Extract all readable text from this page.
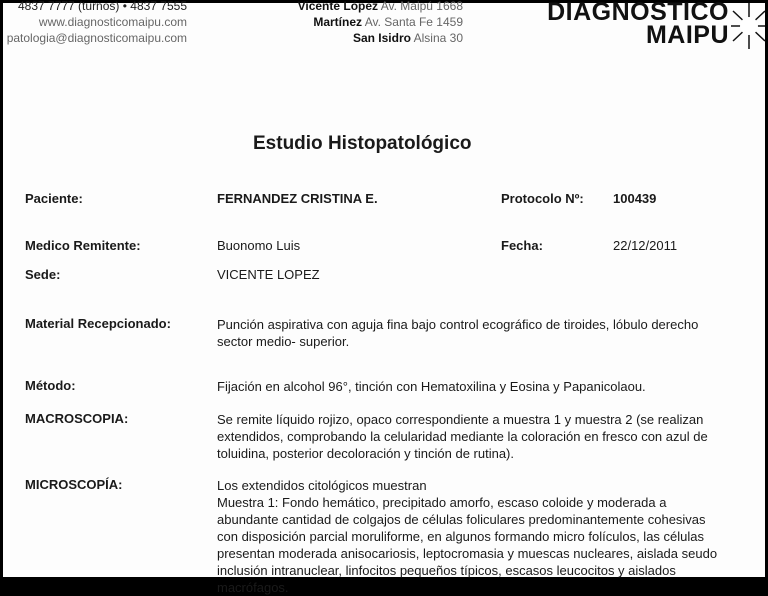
4837 7777 (turnos) • 4837 7555
www.diagnosticomaipu.com
patologia@diagnosticomaipu.com
Vicente López Av. Maipú 1668
Martínez Av. Santa Fe 1459
San Isidro Alsina 30
DIAGNOSTICO
MAIPU
Estudio Histopatológico
Paciente:	FERNANDEZ CRISTINA E.	Protocolo Nº: 100439
Medico Remitente:	Buonomo Luis	Fecha:	22/12/2011
Sede:	VICENTE LOPEZ
Material Recepcionado:	Punción aspirativa con aguja fina bajo control ecográfico de tiroides, lóbulo derecho sector medio- superior.
Método:	Fijación en alcohol 96°, tinción con Hematoxilina y Eosina y Papanicolaou.
MACROSCOPIA:	Se remite líquido rojizo, opaco correspondiente a muestra 1 y muestra 2 (se realizan extendidos, comprobando la celularidad mediante la coloración en fresco con azul de toluidina, posterior decoloración y tinción de rutina).
MICROSCOPÍA:	Los extendidos citológicos muestran
Muestra 1: Fondo hemático, precipitado amorfo, escaso coloide y moderada a abundante cantidad de colgajos de células foliculares predominantemente cohesivas con disposición parcial moruliforme, en algunos formando micro folículos, las células presentan moderada anisocariosis, leptocromasia y muescas nucleares, aislada seudo inclusión intranuclear, linfocitos pequeños típicos, escasos leucocitos y aislados macrófagos.
